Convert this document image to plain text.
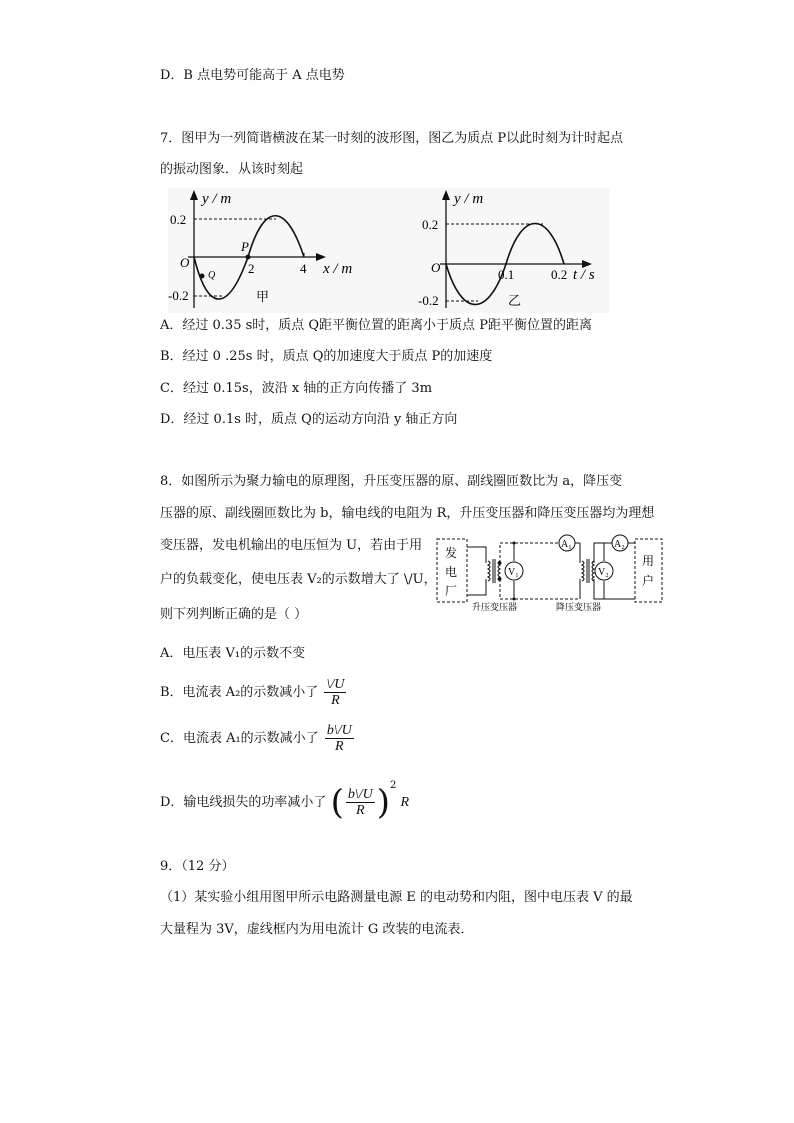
D．B 点电势可能高于 A 点电势
7．图甲为一列简谐横波在某一时刻的波形图，图乙为质点 P以此时刻为计时起点
的振动图象．从该时刻起
y / m
0.2
-0.2
O
P
Q	2	4 x / m
甲
y / m
0.2
-0.2
O	0.1	0.2 t / s
乙
A．经过 0.35 s时，质点 Q距平衡位置的距离小于质点 P距平衡位置的距离
B．经过 0 .25s 时，质点 Q的加速度大于质点 P的加速度
C．经过 0.15s，波沿 x 轴的正方向传播了 3m
D．经过 0.1s 时，质点 Q的运动方向沿 y 轴正方向
8．如图所示为聚力输电的原理图，升压变压器的原、副线圈匝数比为 a，降压变
压器的原、副线圈匝数比为 b，输电线的电阻为 R，升压变压器和降压变压器均为理想
变压器，发电机输出的电压恒为 U，若由于用
户的负载变化，使电压表 V₂的示数增大了 \/U，
则下列判断正确的是（ ）
发
电
厂
用
户
V₁	V₂
A₁	A₂
升压变压器	降压变压器
A．电压表 V₁的示数不变
B．电流表 A₂的示数减小了 $\frac{\backslash/U}{R}$
C．电流表 A₁的示数减小了 $\frac{b\backslash/U}{R}$
D．输电线损失的功率减小了 ( $\frac{b\backslash/U}{R} )^2$ R
9．（12 分）
（1）某实验小组用图甲所示电路测量电源 E 的电动势和内阻，图中电压表 V 的最
大量程为 3V，虚线框内为用电流计 G 改装的电流表．
